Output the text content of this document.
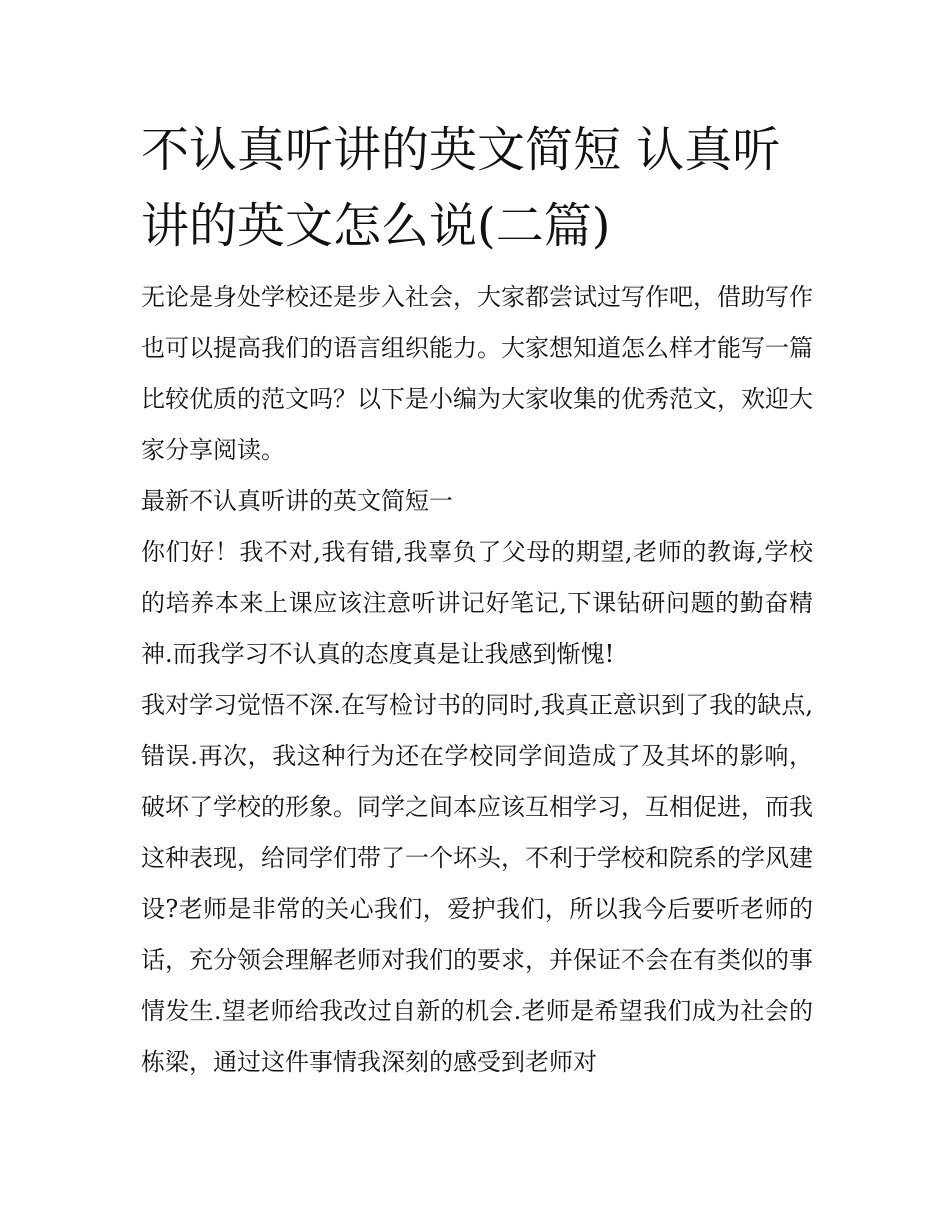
不认真听讲的英文简短 认真听讲的英文怎么说(二篇)

无论是身处学校还是步入社会，大家都尝试过写作吧，借助写作也可以提高我们的语言组织能力。大家想知道怎么样才能写一篇比较优质的范文吗？以下是小编为大家收集的优秀范文，欢迎大家分享阅读。

最新不认真听讲的英文简短一

你们好！我不对,我有错,我辜负了父母的期望,老师的教诲,学校的培养本来上课应该注意听讲记好笔记,下课钻研问题的勤奋精神.而我学习不认真的态度真是让我感到惭愧!

我对学习觉悟不深.在写检讨书的同时,我真正意识到了我的缺点,错误.再次，我这种行为还在学校同学间造成了及其坏的影响，破坏了学校的形象。同学之间本应该互相学习，互相促进，而我这种表现，给同学们带了一个坏头，不利于学校和院系的学风建设?老师是非常的关心我们，爱护我们，所以我今后要听老师的话，充分领会理解老师对我们的要求，并保证不会在有类似的事情发生.望老师给我改过自新的机会.老师是希望我们成为社会的栋梁，通过这件事情我深刻的感受到老师对
